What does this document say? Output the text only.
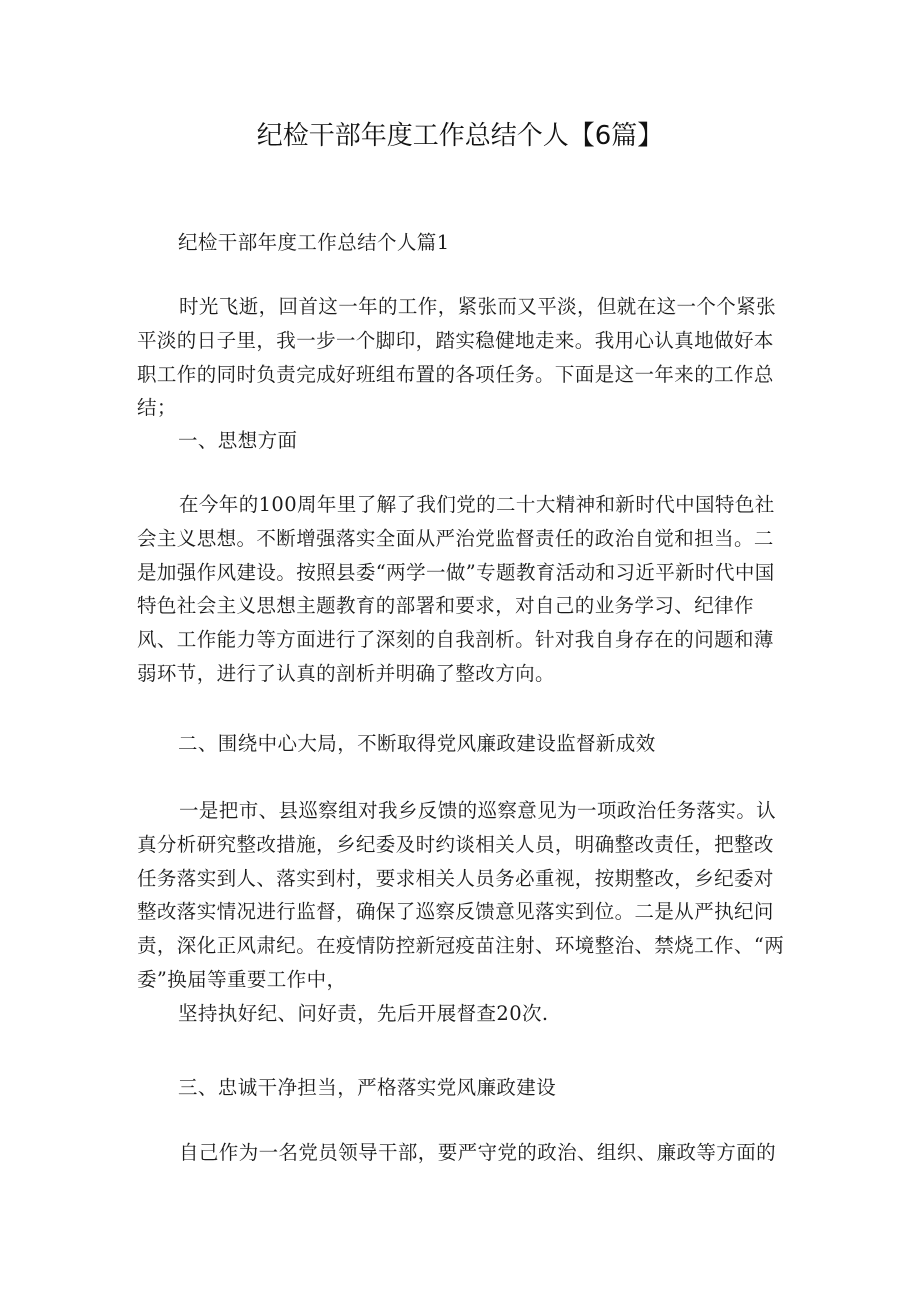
纪检干部年度工作总结个人【6篇】
纪检干部年度工作总结个人篇1

时光飞逝，回首这一年的工作，紧张而又平淡，但就在这一个个紧张平淡的日子里，我一步一个脚印，踏实稳健地走来。我用心认真地做好本职工作的同时负责完成好班组布置的各项任务。下面是这一年来的工作总结；

一、思想方面

在今年的100周年里了解了我们党的二十大精神和新时代中国特色社会主义思想。不断增强落实全面从严治党监督责任的政治自觉和担当。二是加强作风建设。按照县委“两学一做”专题教育活动和习近平新时代中国特色社会主义思想主题教育的部署和要求，对自己的业务学习、纪律作风、工作能力等方面进行了深刻的自我剖析。针对我自身存在的问题和薄弱环节，进行了认真的剖析并明确了整改方向。

二、围绕中心大局，不断取得党风廉政建设监督新成效

一是把市、县巡察组对我乡反馈的巡察意见为一项政治任务落实。认真分析研究整改措施，乡纪委及时约谈相关人员，明确整改责任，把整改任务落实到人、落实到村，要求相关人员务必重视，按期整改，乡纪委对整改落实情况进行监督，确保了巡察反馈意见落实到位。二是从严执纪问责，深化正风肃纪。在疫情防控新冠疫苗注射、环境整治、禁烧工作、“两委”换届等重要工作中，

坚持执好纪、问好责，先后开展督查20次.
三、忠诚干净担当，严格落实党风廉政建设

自己作为一名党员领导干部，要严守党的政治、组织、廉政等方面的
